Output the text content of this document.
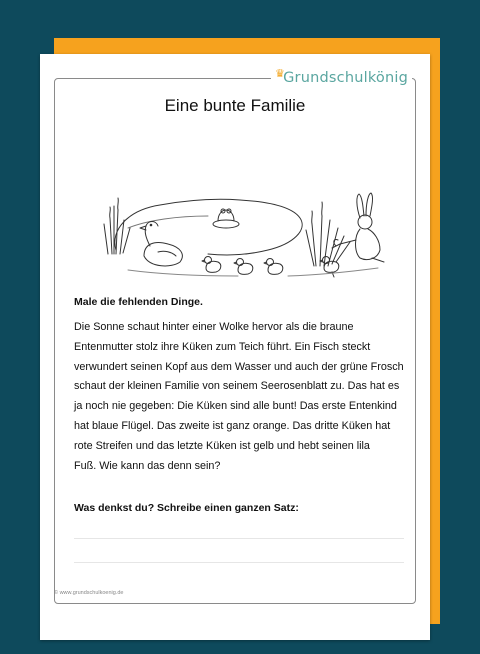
♛Grundschulkönig
Eine bunte Familie

Male die fehlenden Dinge.

Die Sonne schaut hinter einer Wolke hervor als die braune
Entenmutter stolz ihre Küken zum Teich führt. Ein Fisch steckt
verwundert seinen Kopf aus dem Wasser und auch der grüne Frosch
schaut der kleinen Familie von seinem Seerosenblatt zu. Das hat es
ja noch nie gegeben: Die Küken sind alle bunt! Das erste Entenkind
hat blaue Flügel. Das zweite ist ganz orange. Das dritte Küken hat
rote Streifen und das letzte Küken ist gelb und hebt seinen lila
Fuß. Wie kann das denn sein?

Was denkst du? Schreibe einen ganzen Satz:

© www.grundschulkoenig.de
